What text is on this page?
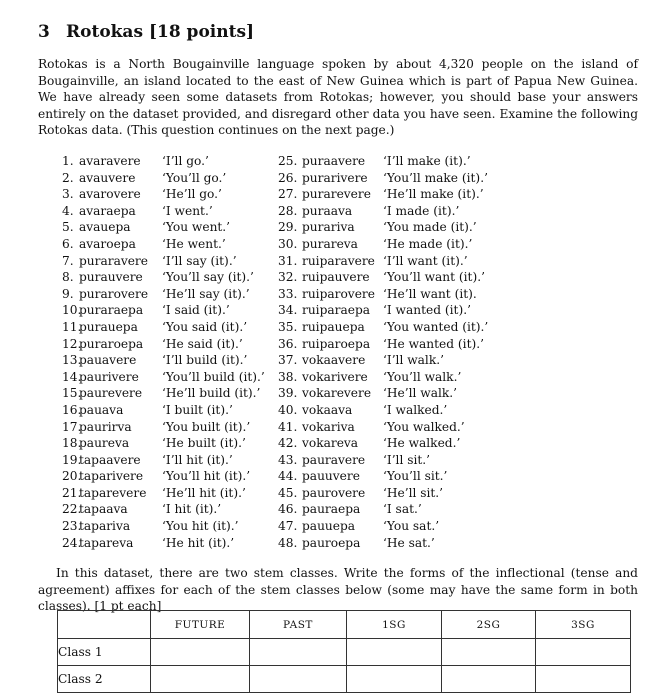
3 Rotokas [18 points]

Rotokas is a North Bougainville language spoken by about 4,320 people on the island of Bougainville, an island located to the east of New Guinea which is part of Papua New Guinea. We have already seen some datasets from Rotokas; however, you should base your answers entirely on the dataset provided, and disregard other data you have seen. Examine the following Rotokas data. (This question continues on the next page.)

1. avaravere ‘I’ll go.’
2. avauvere ‘You’ll go.’
3. avarovere ‘He’ll go.’
4. avaraepa ‘I went.’
5. avauepa	‘You went.’
6. avaroepa ‘He went.’
7. puraravere ‘I’ll say (it).’
8. purauvere ‘You’ll say (it).’
9. purarovere ‘He’ll say (it).’
10.
puraraepa ‘I said (it).’
11.
purauepa ‘You said (it).’
12.
puraroepa ‘He said (it).’
13.
pauavere ‘I’ll build (it).’
14.
paurivere ‘You’ll build (it).’
15.
paurevere ‘He’ll build (it).’
16.
pauava	‘I built (it).’
17.
paurirva ‘You built (it).’
18.
paureva	‘He built (it).’
19.
tapaavere ‘I’ll hit (it).’
20.
taparivere ‘You’ll hit (it).’
21.
taparevere ‘He’ll hit (it).’
22.
tapaava	‘I hit (it).’
23.
tapariva	‘You hit (it).’
24.
tapareva ‘He hit (it).’
25. puraavere ‘I’ll make (it).’
26. purarivere ‘You’ll make (it).’
27. purarevere ‘He’ll make (it).’
28. puraava	‘I made (it).’
29. purariva ‘You made (it).’
30. purareva ‘He made (it).’
31. ruiparavere ‘I’ll want (it).’
32. ruipauvere ‘You’ll want (it).’
33. ruiparovere ‘He’ll want (it).
34. ruiparaepa ‘I wanted (it).’
35. ruipauepa ‘You wanted (it).’
36. ruiparoepa ‘He wanted (it).’
37. vokaavere ‘I’ll walk.’
38. vokarivere ‘You’ll walk.’
39. vokarevere ‘He’ll walk.’
40. vokaava	‘I walked.’
41. vokariva ‘You walked.’
42. vokareva ‘He walked.’
43. pauravere ‘I’ll sit.’
44. pauuvere ‘You’ll sit.’
45. paurovere ‘He’ll sit.’
46. pauraepa ‘I sat.’
47. pauuepa ‘You sat.’
48. pauroepa ‘He sat.’

In this dataset, there are two stem classes. Write the forms of the inflectional (tense and agreement) affixes for each of the stem classes below (some may have the same form in both classes). [1 pt each]

	FUTURE	PAST	1SG	2SG	3SG
Class 1					
Class 2					
